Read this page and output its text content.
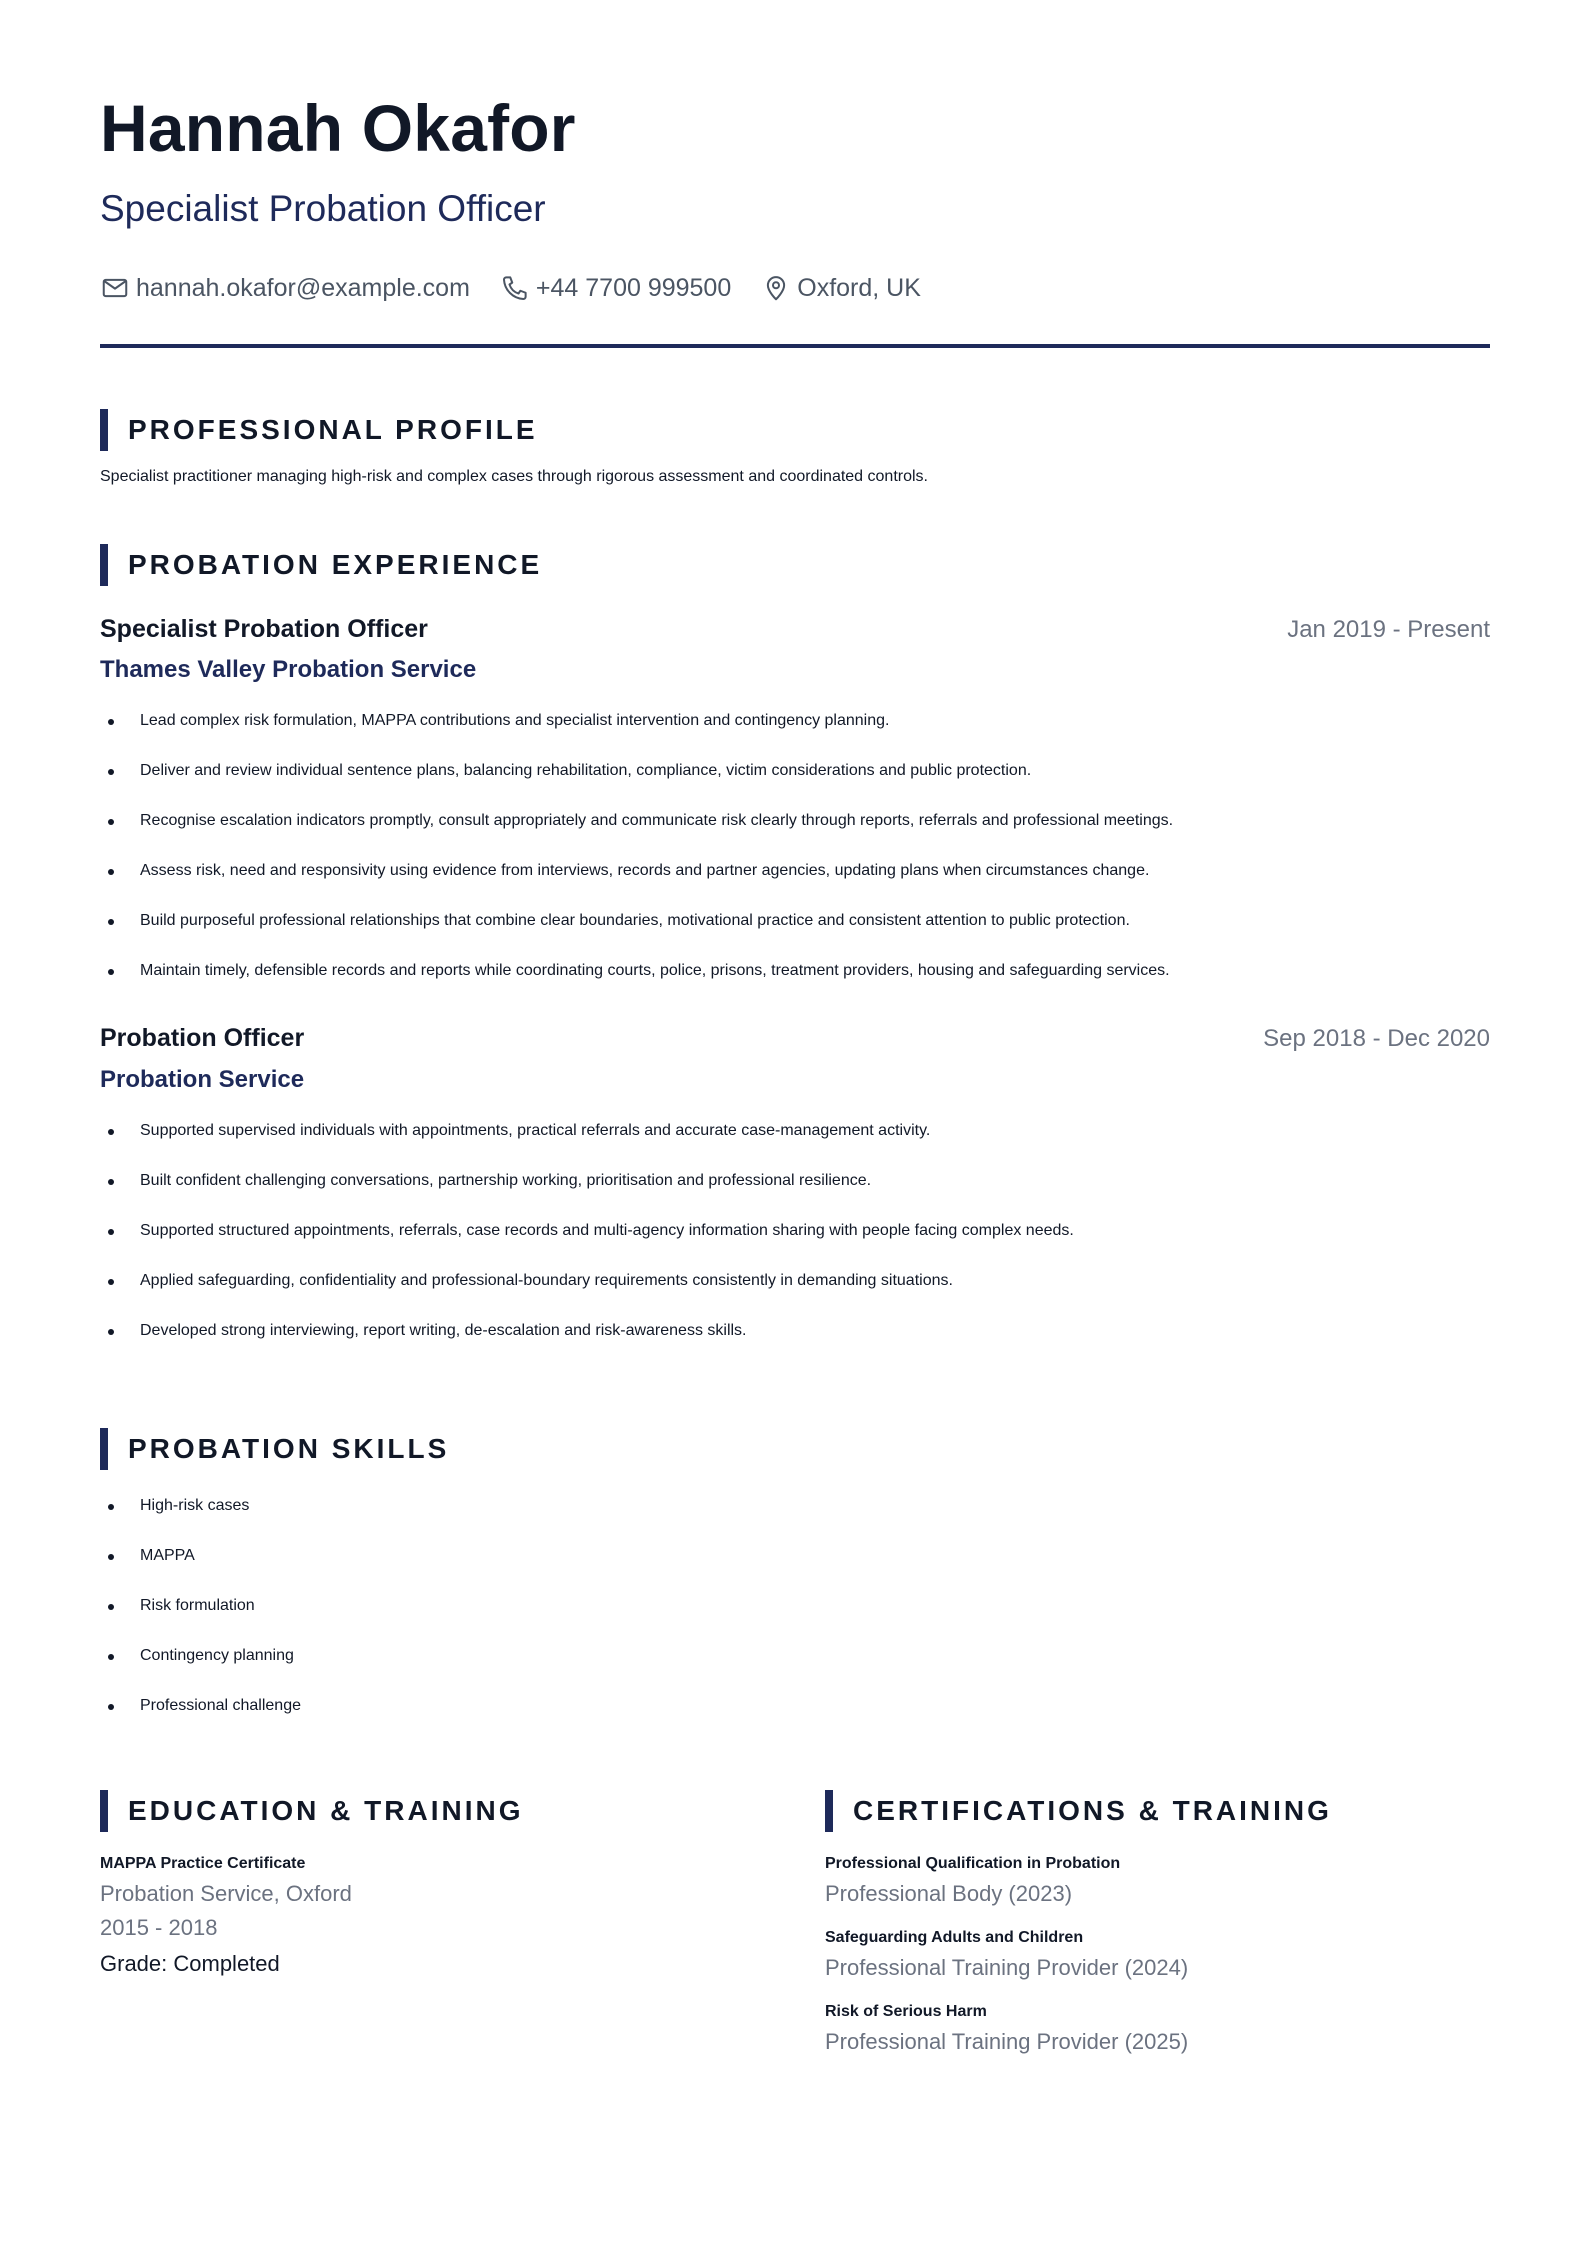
Hannah Okafor
Specialist Probation Officer
hannah.okafor@example.com	+44 7700 999500	Oxford, UK
PROFESSIONAL PROFILE
Specialist practitioner managing high-risk and complex cases through rigorous assessment and coordinated controls.
PROBATION EXPERIENCE
Specialist Probation Officer	Jan 2019 - Present
Thames Valley Probation Service
Lead complex risk formulation, MAPPA contributions and specialist intervention and contingency planning.
Deliver and review individual sentence plans, balancing rehabilitation, compliance, victim considerations and public protection.
Recognise escalation indicators promptly, consult appropriately and communicate risk clearly through reports, referrals and professional meetings.
Assess risk, need and responsivity using evidence from interviews, records and partner agencies, updating plans when circumstances change.
Build purposeful professional relationships that combine clear boundaries, motivational practice and consistent attention to public protection.
Maintain timely, defensible records and reports while coordinating courts, police, prisons, treatment providers, housing and safeguarding services.
Probation Officer	Sep 2018 - Dec 2020
Probation Service
Supported supervised individuals with appointments, practical referrals and accurate case-management activity.
Built confident challenging conversations, partnership working, prioritisation and professional resilience.
Supported structured appointments, referrals, case records and multi-agency information sharing with people facing complex needs.
Applied safeguarding, confidentiality and professional-boundary requirements consistently in demanding situations.
Developed strong interviewing, report writing, de-escalation and risk-awareness skills.
PROBATION SKILLS
High-risk cases
MAPPA
Risk formulation
Contingency planning
Professional challenge
EDUCATION & TRAINING
MAPPA Practice Certificate
Probation Service, Oxford
2015 - 2018
Grade: Completed
CERTIFICATIONS & TRAINING
Professional Qualification in Probation
Professional Body (2023)
Safeguarding Adults and Children
Professional Training Provider (2024)
Risk of Serious Harm
Professional Training Provider (2025)
